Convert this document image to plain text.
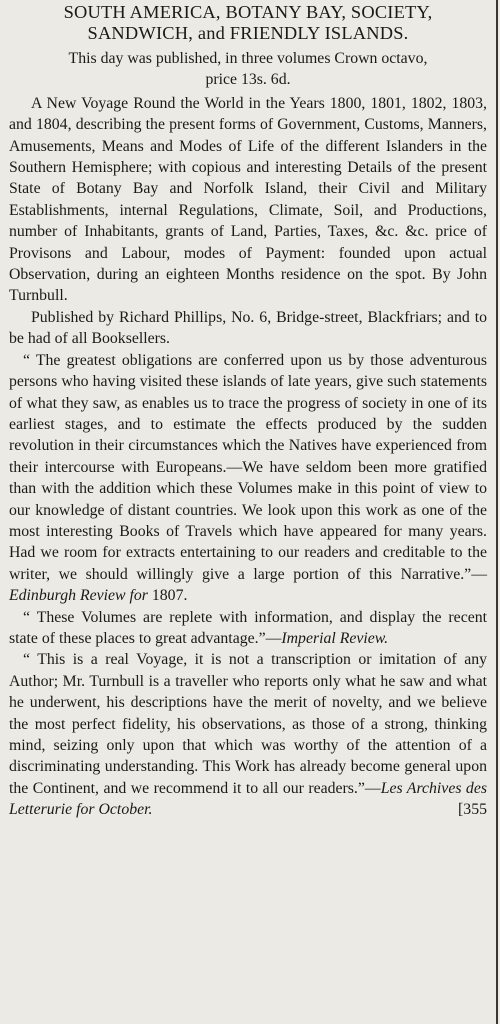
SOUTH AMERICA, BOTANY BAY, SOCIETY,
SANDWICH, and FRIENDLY ISLANDS.

This day was published, in three volumes Crown octavo,
price 13s. 6d.

A New Voyage Round the World in the Years 1800, 1801, 1802, 1803, and 1804, describing the present forms of Government, Customs, Manners, Amusements, Means and Modes of Life of the different Islanders in the Southern Hemisphere; with copious and interesting Details of the present State of Botany Bay and Norfolk Island, their Civil and Military Establishments, internal Regulations, Climate, Soil, and Productions, number of Inhabitants, grants of Land, Parties, Taxes, &c. &c. price of Provisons and Labour, modes of Payment: founded upon actual Observation, during an eighteen Months residence on the spot. By John Turnbull.

Published by Richard Phillips, No. 6, Bridge-street, Blackfriars; and to be had of all Booksellers.

“ The greatest obligations are conferred upon us by those adventurous persons who having visited these islands of late years, give such statements of what they saw, as enables us to trace the progress of society in one of its earliest stages, and to estimate the effects produced by the sudden revolution in their circumstances which the Natives have experienced from their intercourse with Europeans.—We have seldom been more gratified than with the addition which these Volumes make in this point of view to our knowledge of distant countries. We look upon this work as one of the most interesting Books of Travels which have appeared for many years. Had we room for extracts entertaining to our readers and creditable to the writer, we should willingly give a large portion of this Narrative.”—Edinburgh Review for 1807.

“ These Volumes are replete with information, and display the recent state of these places to great advantage.”—Imperial Review.

“ This is a real Voyage, it is not a transcription or imitation of any Author; Mr. Turnbull is a traveller who reports only what he saw and what he underwent, his descriptions have the merit of novelty, and we believe the most perfect fidelity, his observations, as those of a strong, thinking mind, seizing only upon that which was worthy of the attention of a discriminating understanding. This Work has already become general upon the Continent, and we recommend it to all our readers.”—Les Archives des Letterurie for October.	[355
